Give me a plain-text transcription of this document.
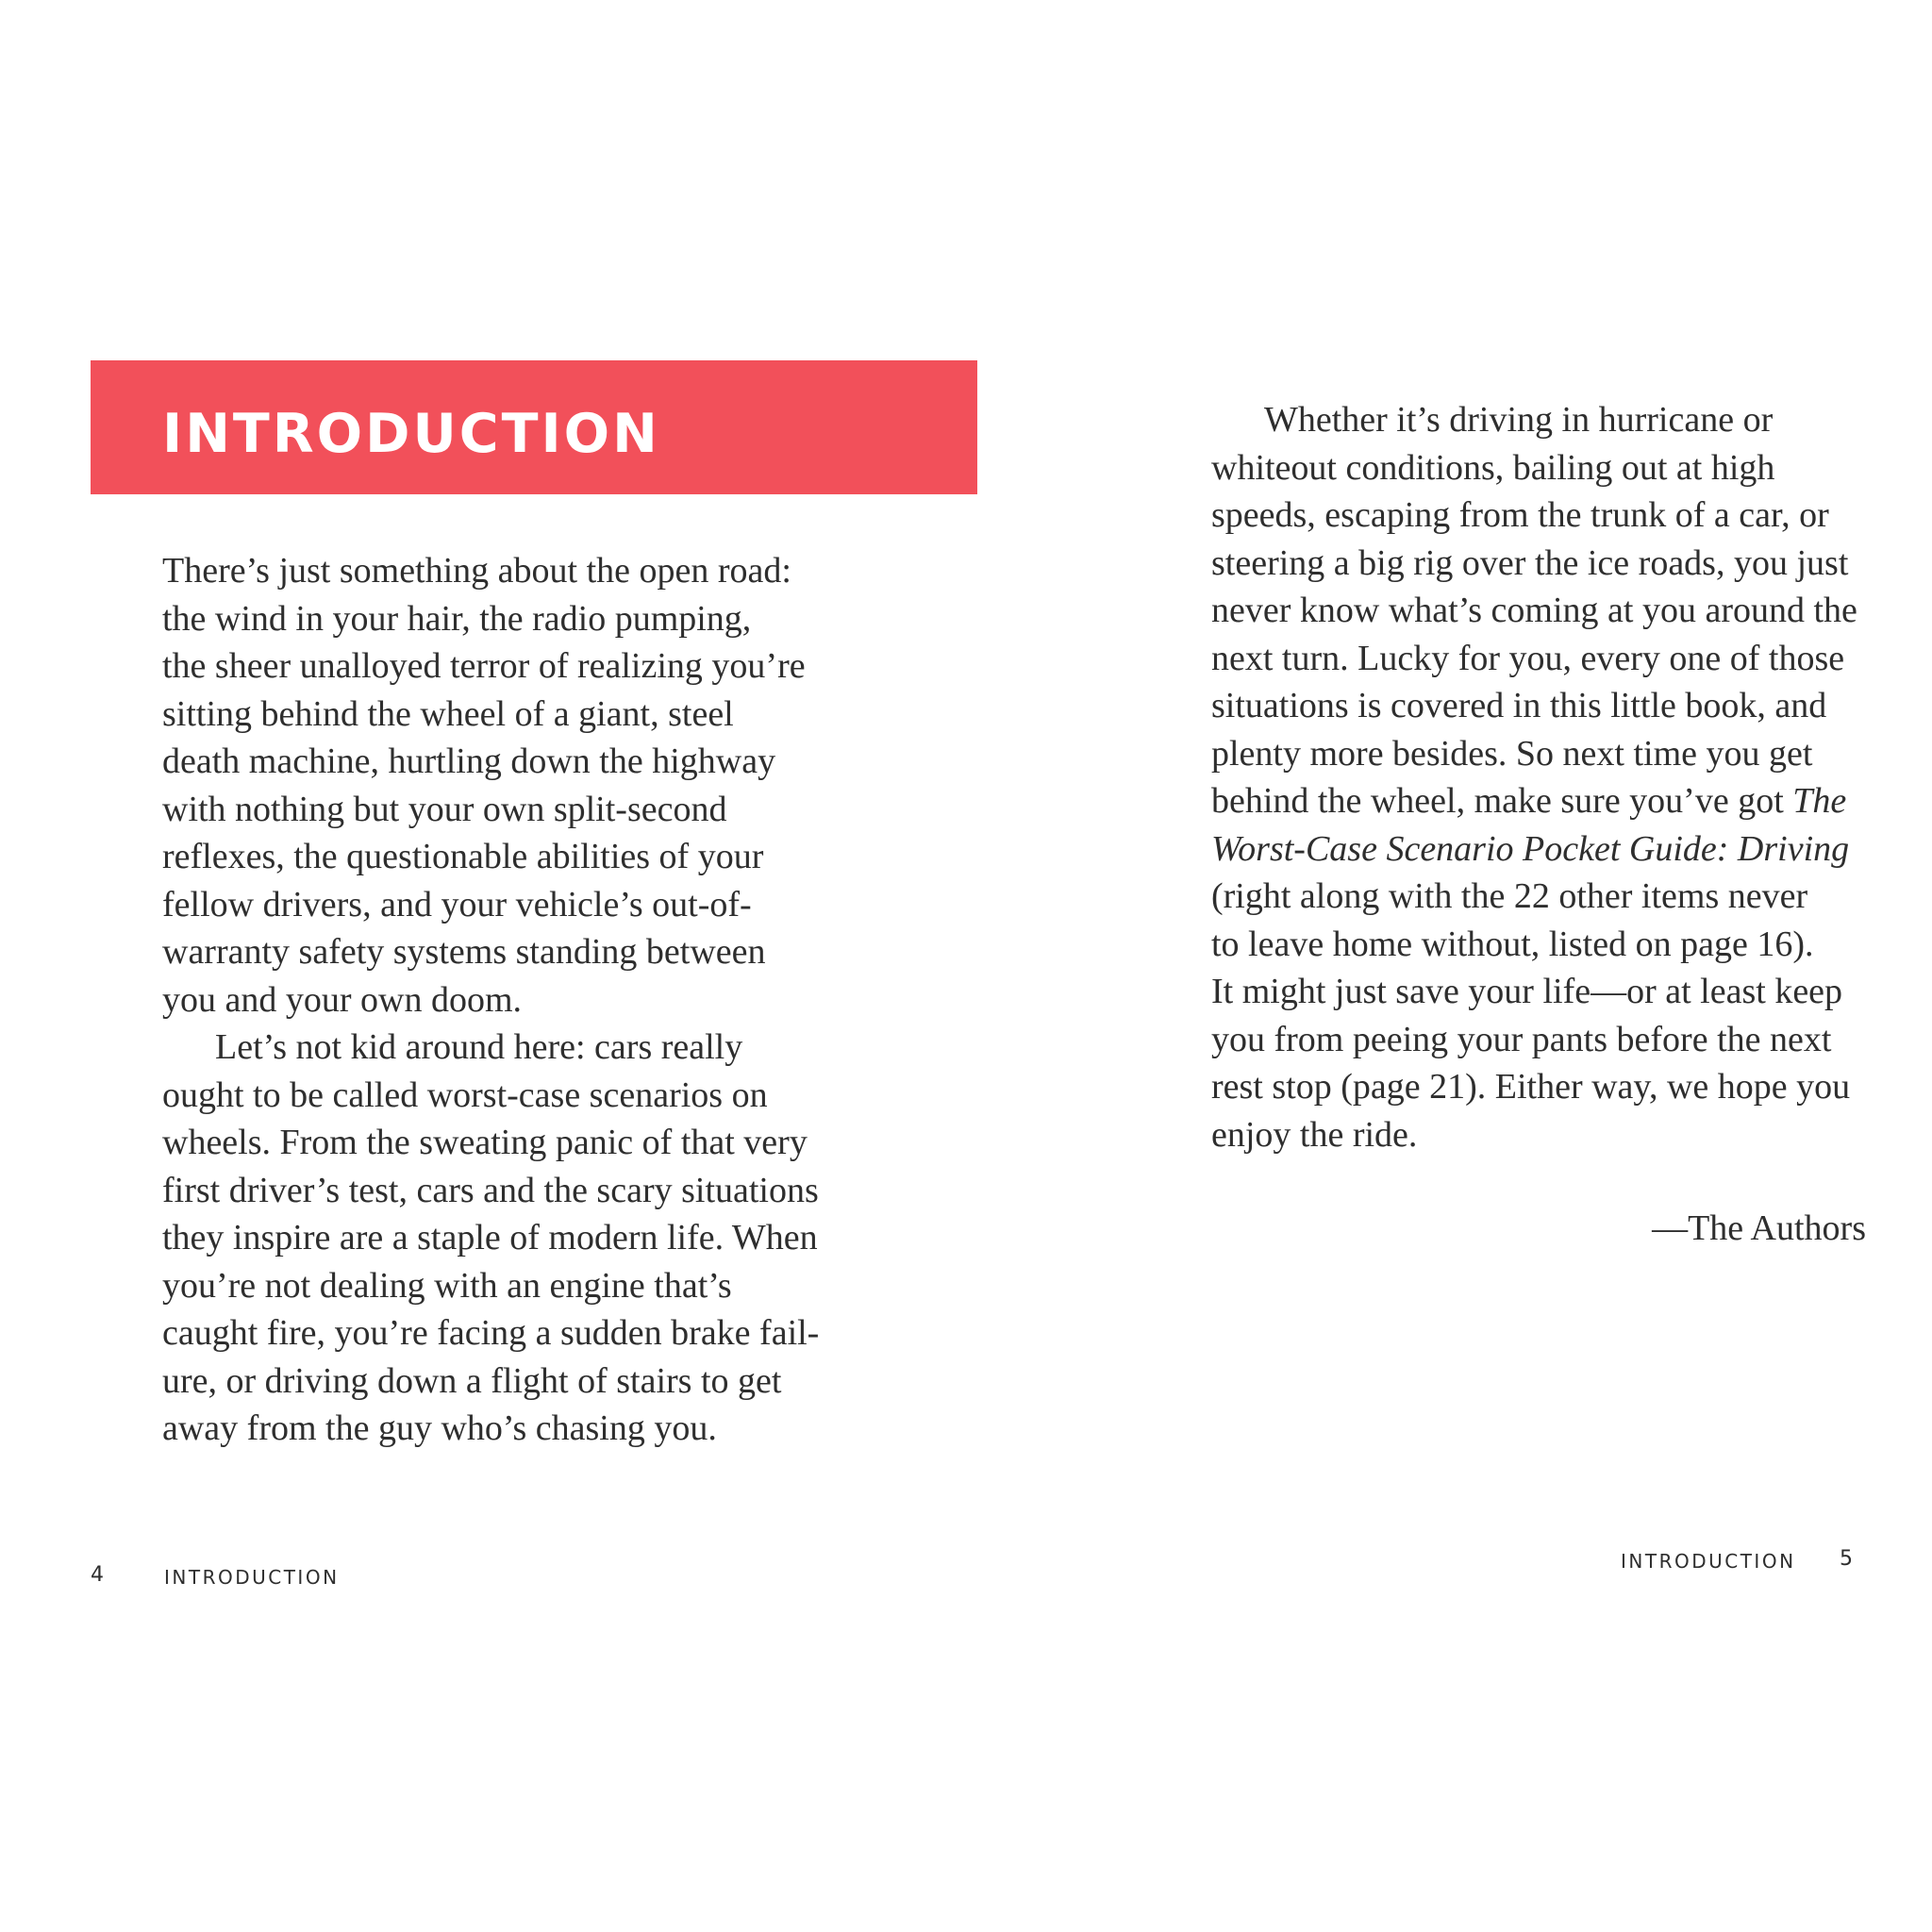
INTRODUCTION
There’s just something about the open road:
the wind in your hair, the radio pumping,
the sheer unalloyed terror of realizing you’re
sitting behind the wheel of a giant, steel
death machine, hurtling down the highway
with nothing but your own split-second
reflexes, the questionable abilities of your
fellow drivers, and your vehicle’s out-of-
warranty safety systems standing between
you and your own doom.
Let’s not kid around here: cars really
ought to be called worst-case scenarios on
wheels. From the sweating panic of that very
first driver’s test, cars and the scary situations
they inspire are a staple of modern life. When
you’re not dealing with an engine that’s
caught fire, you’re facing a sudden brake fail-
ure, or driving down a flight of stairs to get
away from the guy who’s chasing you.
4	INTRODUCTION
Whether it’s driving in hurricane or
whiteout conditions, bailing out at high
speeds, escaping from the trunk of a car, or
steering a big rig over the ice roads, you just
never know what’s coming at you around the
next turn. Lucky for you, every one of those
situations is covered in this little book, and
plenty more besides. So next time you get
behind the wheel, make sure you’ve got The
Worst-Case Scenario Pocket Guide: Driving
(right along with the 22 other items never
to leave home without, listed on page 16).
It might just save your life—or at least keep
you from peeing your pants before the next
rest stop (page 21). Either way, we hope you
enjoy the ride.
—The Authors
INTRODUCTION 5
